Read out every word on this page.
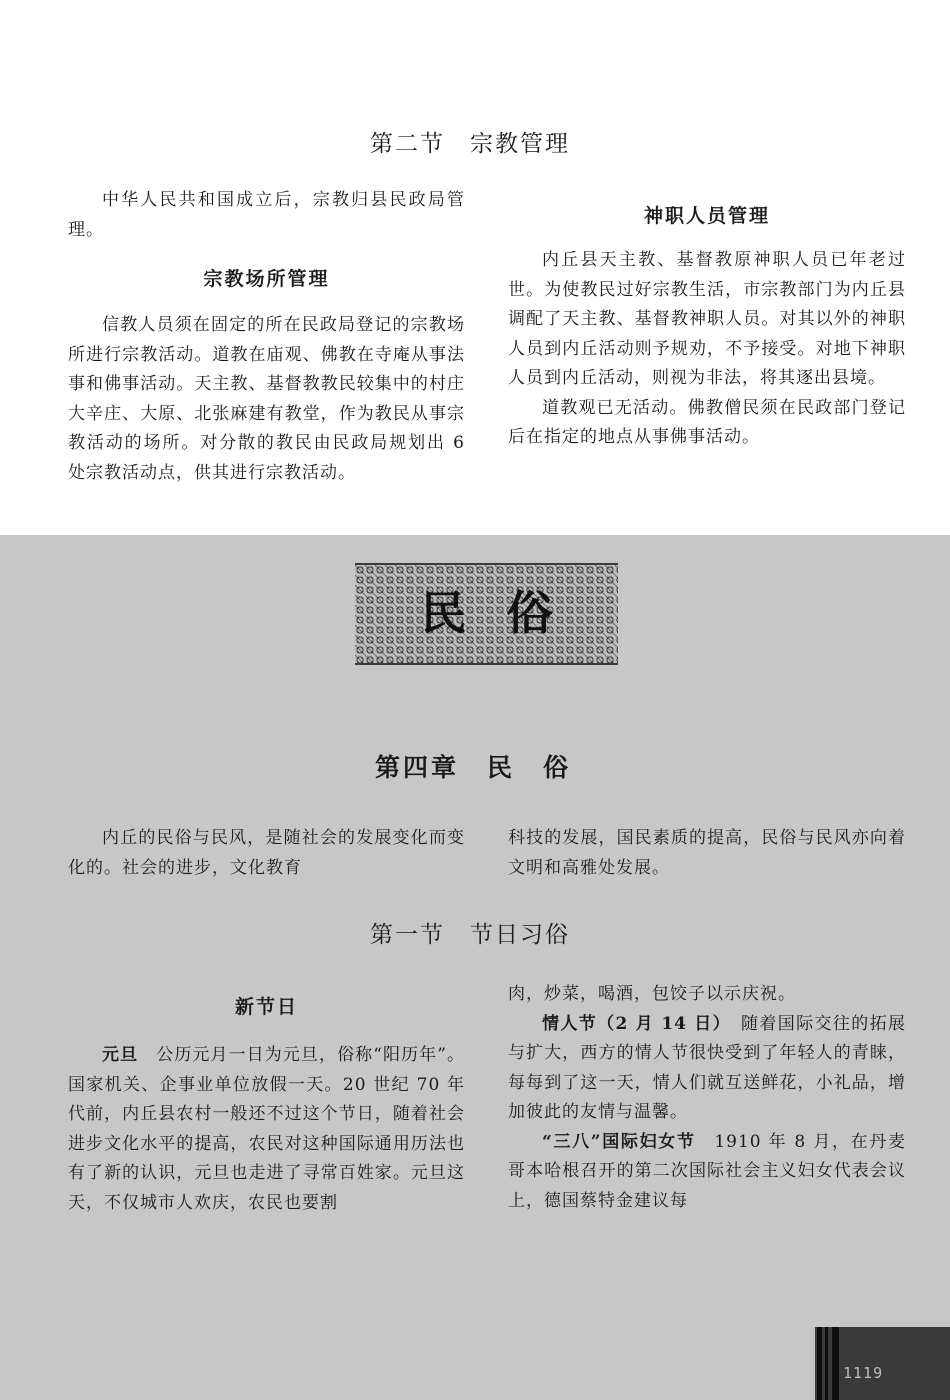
第二节　宗教管理

中华人民共和国成立后，宗教归县民政局管理。

宗教场所管理

信教人员须在固定的所在民政局登记的宗教场所进行宗教活动。道教在庙观、佛教在寺庵从事法事和佛事活动。天主教、基督教教民较集中的村庄大辛庄、大原、北张麻建有教堂，作为教民从事宗教活动的场所。对分散的教民由民政局规划出 6 处宗教活动点，供其进行宗教活动。

神职人员管理

内丘县天主教、基督教原神职人员已年老过世。为使教民过好宗教生活，市宗教部门为内丘县调配了天主教、基督教神职人员。对其以外的神职人员到内丘活动则予规劝，不予接受。对地下神职人员到内丘活动，则视为非法，将其逐出县境。

道教观已无活动。佛教僧民须在民政部门登记后在指定的地点从事佛事活动。

民俗
第四章　民　俗

内丘的民俗与民风，是随社会的发展变化而变化的。社会的进步，文化教育

科技的发展，国民素质的提高，民俗与民风亦向着文明和高雅处发展。

第一节　节日习俗
新节日

元旦　 公历元月一日为元旦，俗称“阳历年”。国家机关、企事业单位放假一天。20 世纪 70 年代前，内丘县农村一般还不过这个节日，随着社会进步文化水平的提高，农民对这种国际通用历法也有了新的认识，元旦也走进了寻常百姓家。元旦这天，不仅城市人欢庆，农民也要割

肉，炒菜，喝酒，包饺子以示庆祝。

情人节（2 月 14 日）　 随着国际交往的拓展与扩大，西方的情人节很快受到了年轻人的青睐，每每到了这一天，情人们就互送鲜花，小礼品，增加彼此的友情与温馨。

“三八”国际妇女节　 1910 年 8 月，在丹麦哥本哈根召开的第二次国际社会主义妇女代表会议 上，德国蔡特金建议每

1119
